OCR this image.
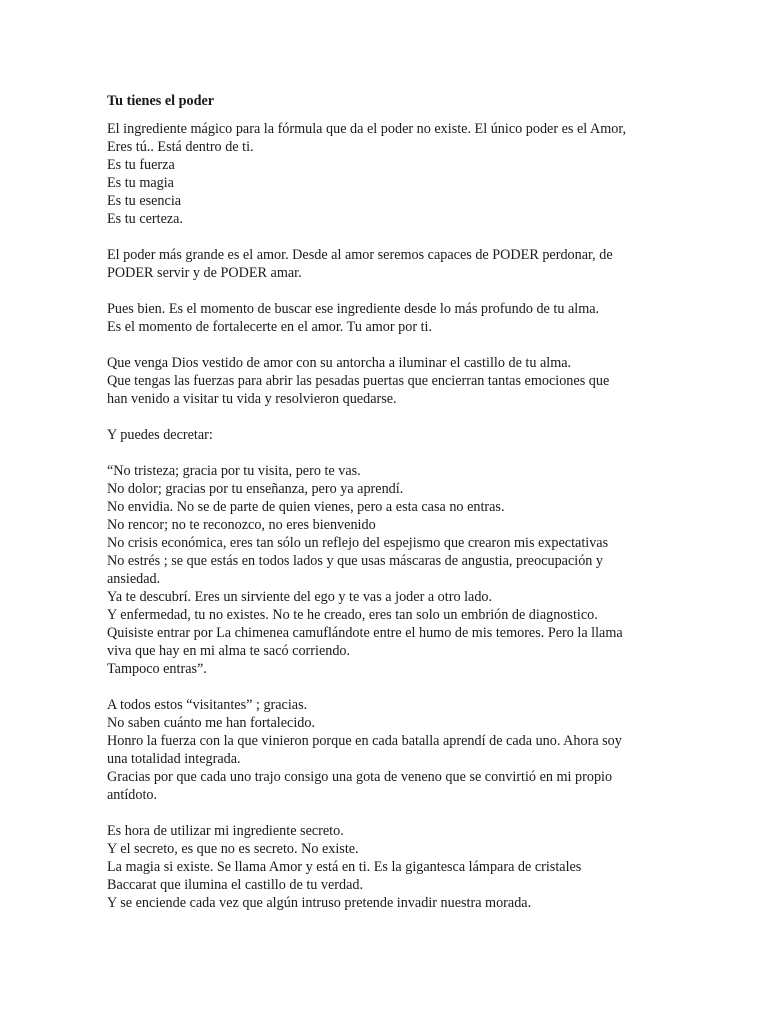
Tu tienes el poder
El ingrediente mágico para la fórmula que da el poder no existe. El único poder es el Amor,
Eres tú.. Está dentro de ti.
Es tu fuerza
Es tu magia
Es tu esencia
Es tu certeza.
El poder más grande es el amor. Desde al amor seremos capaces de PODER perdonar, de
PODER servir y de PODER amar.
Pues bien. Es el momento de buscar ese ingrediente desde lo más profundo de tu alma.
Es el momento de fortalecerte en el amor. Tu amor por ti.
Que venga Dios vestido de amor con su antorcha a iluminar el castillo de tu alma.
Que tengas las fuerzas para abrir las pesadas puertas que encierran tantas emociones que
han venido a visitar tu vida y resolvieron quedarse.
Y puedes decretar:
“No tristeza; gracia por tu visita, pero te vas.
No dolor; gracias por tu enseñanza, pero ya aprendí.
No envidia. No se de parte de quien vienes, pero a esta casa no entras.
No rencor; no te reconozco, no eres bienvenido
No crisis económica, eres tan sólo un reflejo del espejismo que crearon mis expectativas
No estrés ; se que estás en todos lados y que usas máscaras de angustia, preocupación y
ansiedad.
Ya te descubrí. Eres un sirviente del ego y te vas a joder a otro lado.
Y enfermedad, tu no existes. No te he creado, eres tan solo un embrión de diagnostico.
Quisiste entrar por La chimenea camuflándote entre el humo de mis temores. Pero la llama
viva que hay en mi alma te sacó corriendo.
Tampoco entras”.
A todos estos “visitantes” ; gracias.
No saben cuánto me han fortalecido.
Honro la fuerza con la que vinieron porque en cada batalla aprendí de cada uno. Ahora soy
una totalidad integrada.
Gracias por que cada uno trajo consigo una gota de veneno que se convirtió en mi propio
antídoto.
Es hora de utilizar mi ingrediente secreto.
Y el secreto, es que no es secreto. No existe.
La magia si existe. Se llama Amor y está en ti. Es la gigantesca lámpara de cristales
Baccarat que ilumina el castillo de tu verdad.
Y se enciende cada vez que algún intruso pretende invadir nuestra morada.
